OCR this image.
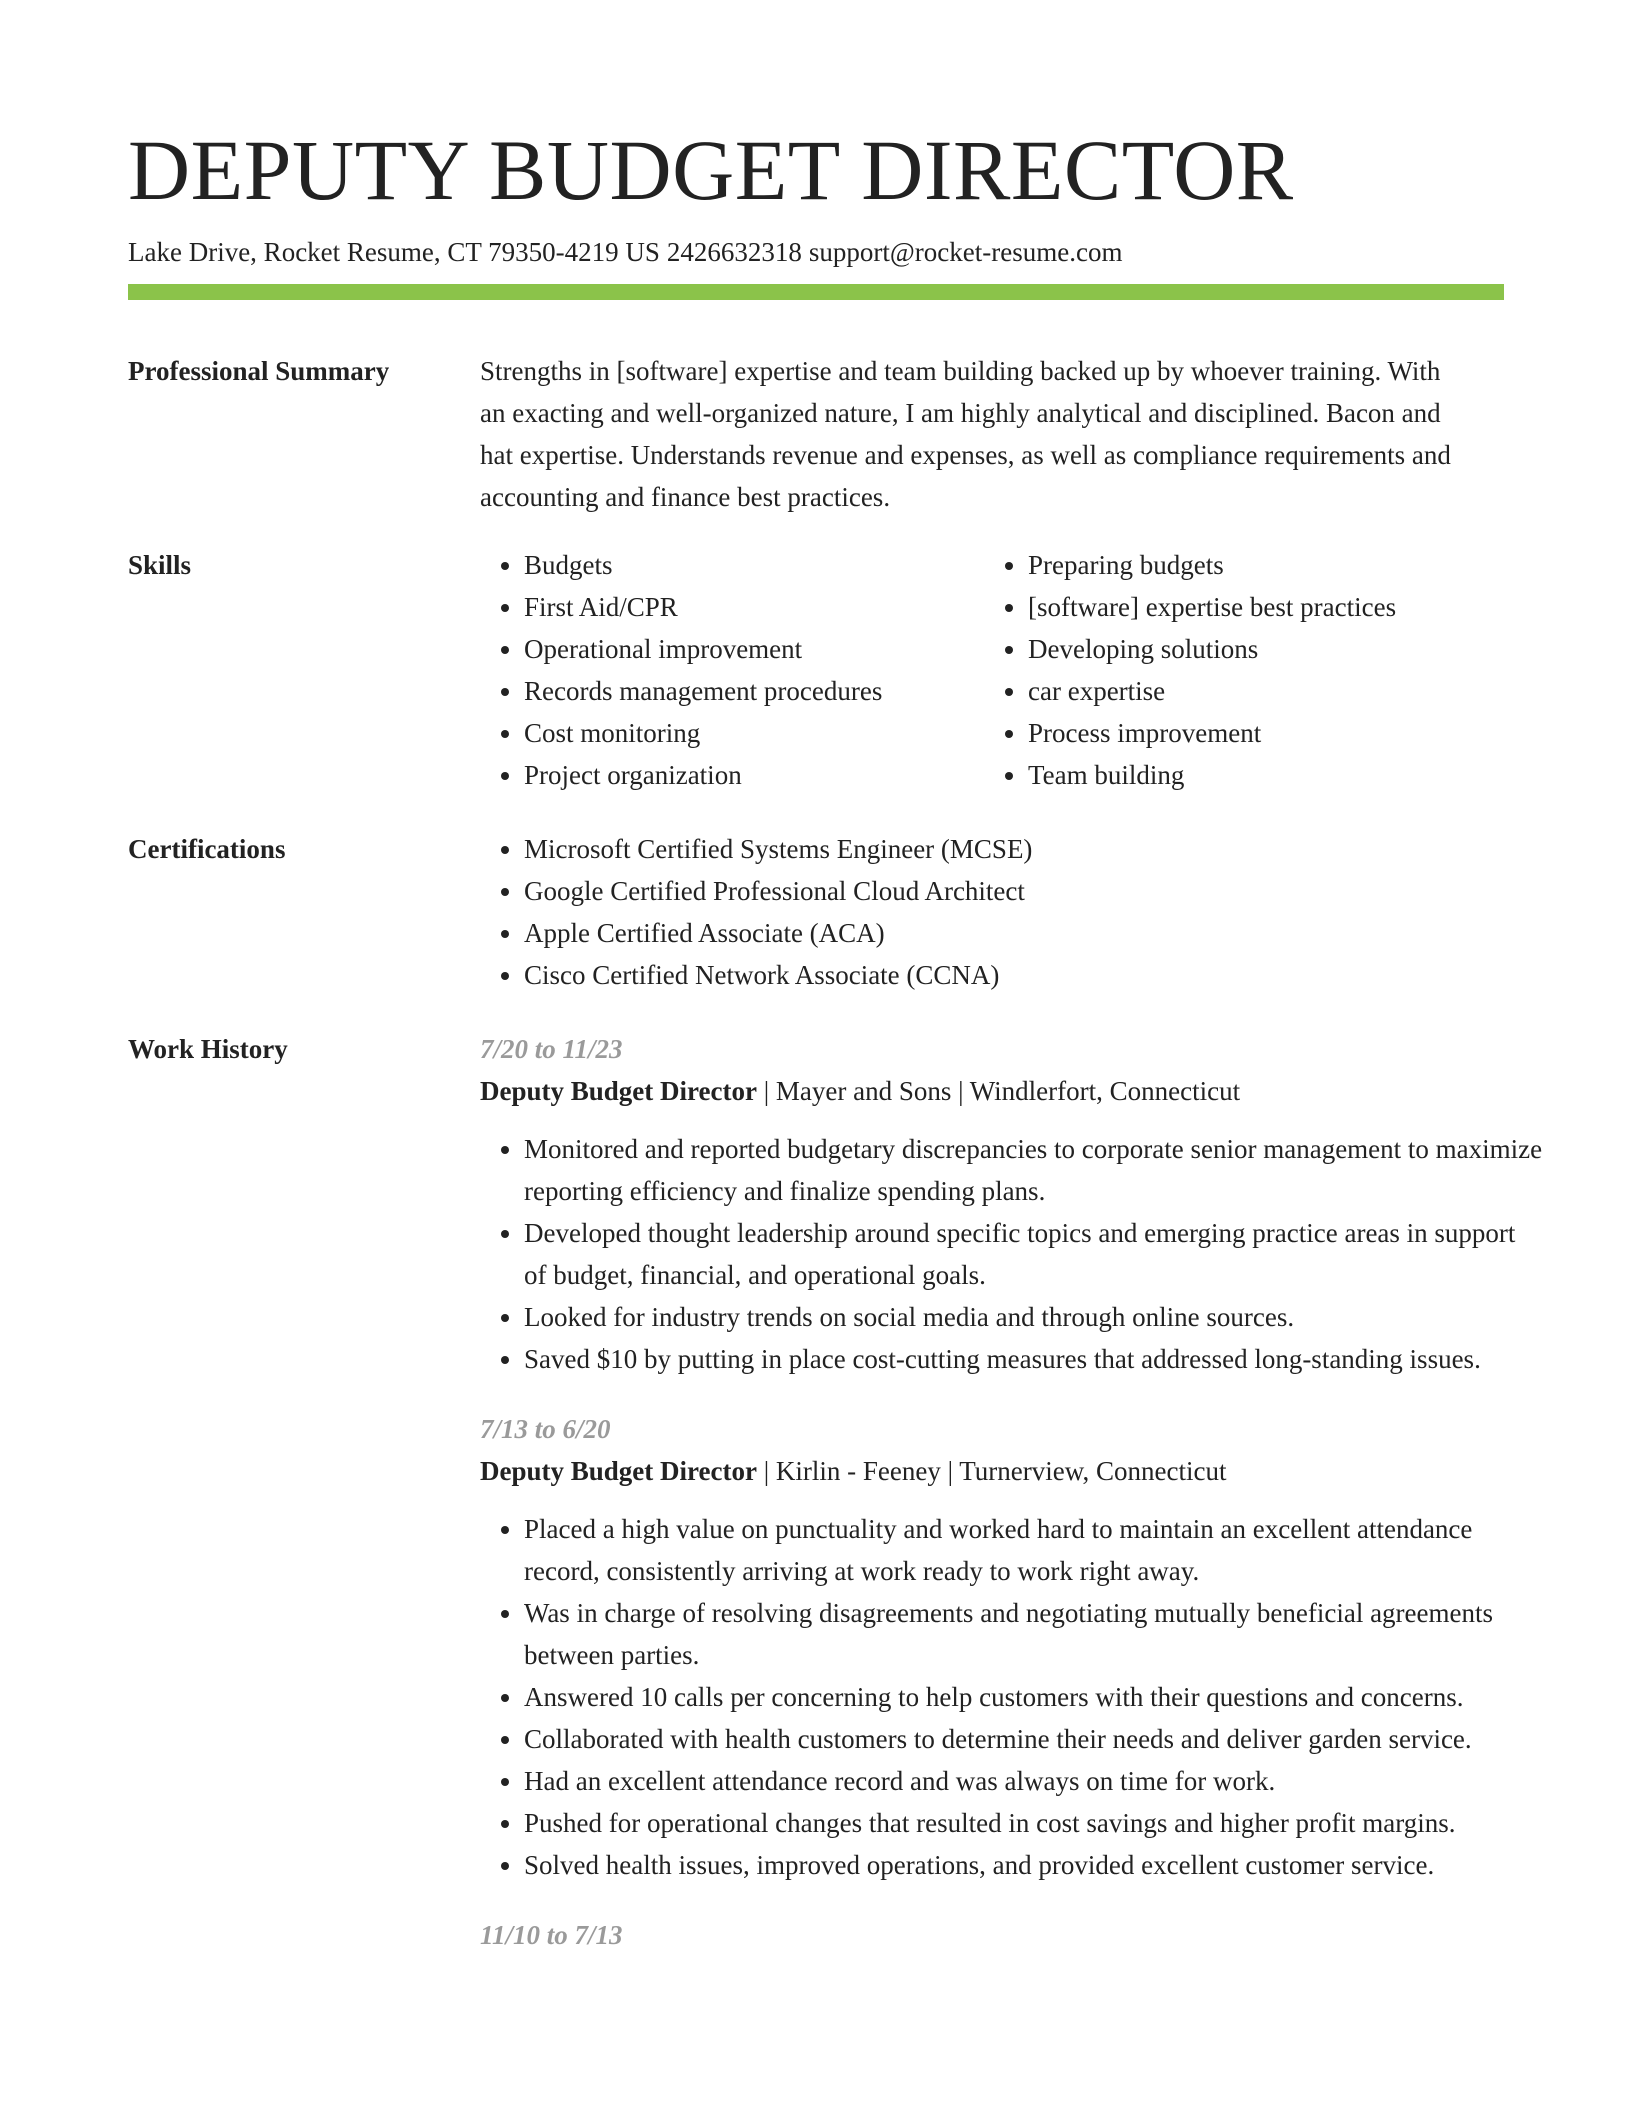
DEPUTY BUDGET DIRECTOR
Lake Drive, Rocket Resume, CT 79350-4219 US 2426632318 support@rocket-resume.com
Professional Summary	Strengths in [software] expertise and team building backed up by whoever training. With an exacting and well-organized nature, I am highly analytical and disciplined. Bacon and hat expertise. Understands revenue and expenses, as well as compliance requirements and accounting and finance best practices.

Skills	• Budgets
• First Aid/CPR
• Operational improvement
• Records management procedures
• Cost monitoring
• Project organization
• Preparing budgets
• [software] expertise best practices
• Developing solutions
• car expertise
• Process improvement
• Team building
Certifications	• Microsoft Certified Systems Engineer (MCSE)
• Google Certified Professional Cloud Architect
• Apple Certified Associate (ACA)
• Cisco Certified Network Associate (CCNA)
Work History	7/20 to 11/23
Deputy Budget Director | Mayer and Sons | Windlerfort, Connecticut
• Monitored and reported budgetary discrepancies to corporate senior management to maximize reporting efficiency and finalize spending plans.
• Developed thought leadership around specific topics and emerging practice areas in support of budget, financial, and operational goals.
• Looked for industry trends on social media and through online sources.
• Saved $10 by putting in place cost-cutting measures that addressed long-standing issues.
7/13 to 6/20
Deputy Budget Director | Kirlin - Feeney | Turnerview, Connecticut
• Placed a high value on punctuality and worked hard to maintain an excellent attendance record, consistently arriving at work ready to work right away.
• Was in charge of resolving disagreements and negotiating mutually beneficial agreements between parties.
• Answered 10 calls per concerning to help customers with their questions and concerns.
• Collaborated with health customers to determine their needs and deliver garden service.
• Had an excellent attendance record and was always on time for work.
• Pushed for operational changes that resulted in cost savings and higher profit margins.
• Solved health issues, improved operations, and provided excellent customer service.
11/10 to 7/13
